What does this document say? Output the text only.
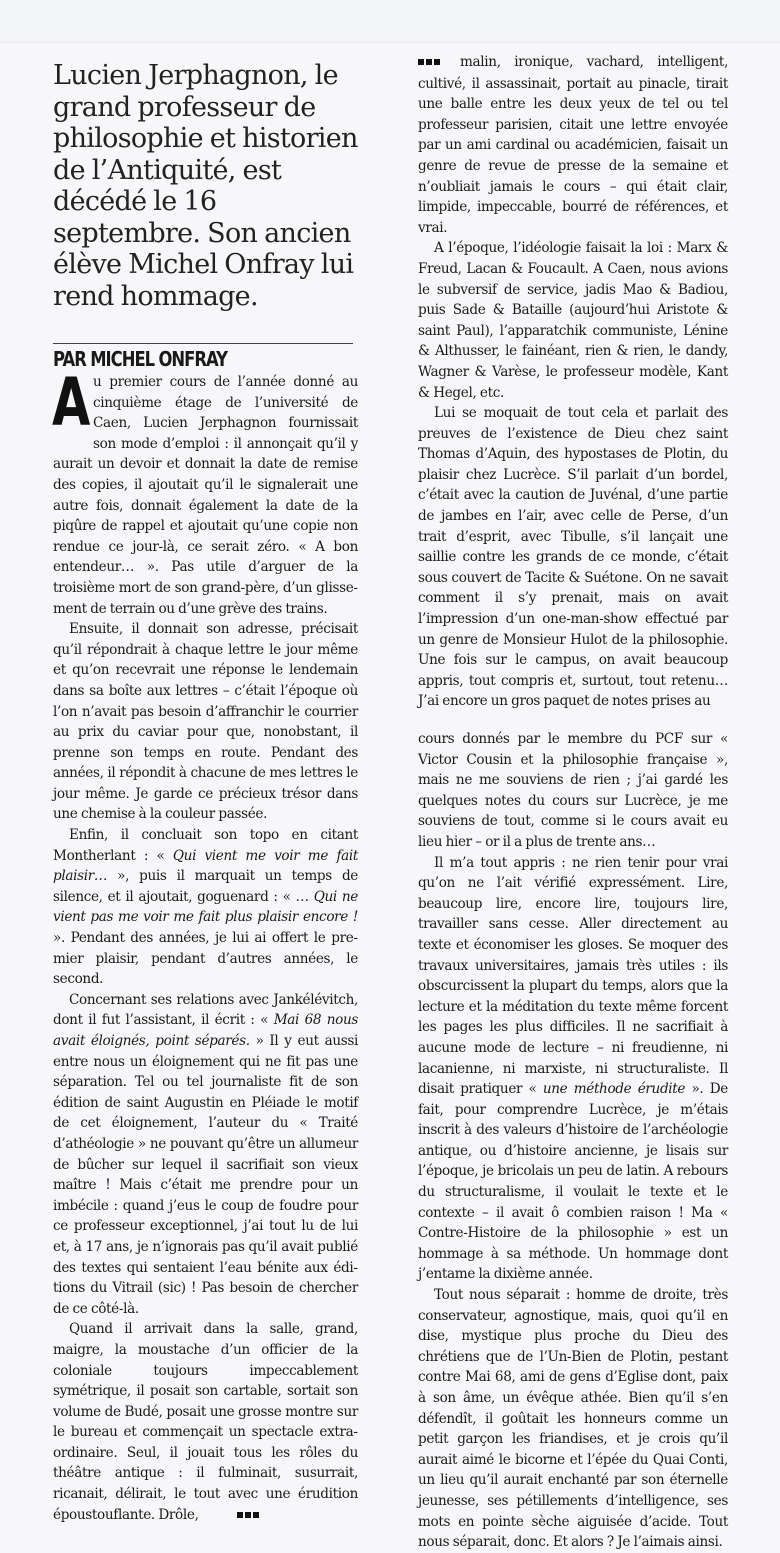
Lucien Jerphagnon, le grand professeur de philosophie et historien de l’Antiquité, est décédé le 16 septembre. Son ancien élève Michel Onfray lui rend hommage.
PAR MICHEL ONFRAY

Au premier cours de l’année donné au cinquième étage de l’université de Caen, Lucien Jerphagnon fournissait son mode d’emploi : il annonçait qu’il y aurait un devoir et donnait la date de remise des copies, il ajoutait qu’il le signalerait une autre fois, donnait également la date de la piqûre de rappel et ajoutait qu’une copie non rendue ce jour-là, ce serait zéro. « A bon entendeur… ». Pas utile d’arguer de la troisième mort de son grand-père, d’un glissement de terrain ou d’une grève des trains.

Ensuite, il donnait son adresse, précisait qu’il répondrait à chaque lettre le jour même et qu’on recevrait une réponse le lendemain dans sa boîte aux lettres – c’était l’époque où l’on n’avait pas besoin d’affranchir le courrier au prix du caviar pour que, nonobstant, il prenne son temps en route. Pendant des années, il répondit à chacune de mes lettres le jour même. Je garde ce précieux trésor dans une chemise à la couleur passée.

Enfin, il concluait son topo en citant Montherlant : « Qui vient me voir me fait plaisir… », puis il marquait un temps de silence, et il ajoutait, goguenard : « … Qui ne vient pas me voir me fait plus plaisir encore ! ». Pendant des années, je lui ai offert le premier plaisir, pendant d’autres années, le second.

Concernant ses relations avec Jankélévitch, dont il fut l’assistant, il écrit : « Mai 68 nous avait éloignés, point séparés. » Il y eut aussi entre nous un éloignement qui ne fit pas une séparation. Tel ou tel journaliste fit de son édition de saint Augustin en Pléiade le motif de cet éloignement, l’auteur du « Traité d’athéologie » ne pouvant qu’être un allumeur de bûcher sur lequel il sacrifiait son vieux maître ! Mais c’était me prendre pour un imbécile : quand j’eus le coup de foudre pour ce professeur exceptionnel, j’ai tout lu de lui et, à 17 ans, je n’ignorais pas qu’il avait publié des textes qui sentaient l’eau bénite aux éditions du Vitrail (sic) ! Pas besoin de chercher de ce côté-là.

Quand il arrivait dans la salle, grand, maigre, la moustache d’un officier de la coloniale toujours impeccablement symétrique, il posait son cartable, sortait son volume de Budé, posait une grosse montre sur le bureau et commençait un spectacle extraordinaire. Seul, il jouait tous les rôles du théâtre antique : il fulminait, susurrait, ricanait, délirait, le tout avec une érudition époustouflante. Drôle,

malin, ironique, vachard, intelligent, cultivé, il assassinait, portait au pinacle, tirait une balle entre les deux yeux de tel ou tel professeur parisien, citait une lettre envoyée par un ami cardinal ou académicien, faisait un genre de revue de presse de la semaine et n’oubliait jamais le cours – qui était clair, limpide, impeccable, bourré de références, et vrai.

A l’époque, l’idéologie faisait la loi : Marx & Freud, Lacan & Foucault. A Caen, nous avions le subversif de service, jadis Mao & Badiou, puis Sade & Bataille (aujourd’hui Aristote & saint Paul), l’apparatchik communiste, Lénine & Althusser, le fainéant, rien & rien, le dandy, Wagner & Varèse, le professeur modèle, Kant & Hegel, etc.

Lui se moquait de tout cela et parlait des preuves de l’existence de Dieu chez saint Thomas d’Aquin, des hypostases de Plotin, du plaisir chez Lucrèce. S’il parlait d’un bordel, c’était avec la caution de Juvénal, d’une partie de jambes en l’air, avec celle de Perse, d’un trait d’esprit, avec Tibulle, s’il lançait une saillie contre les grands de ce monde, c’était sous couvert de Tacite & Suétone. On ne savait comment il s’y prenait, mais on avait l’impression d’un one-man-show effectué par un genre de Monsieur Hulot de la philosophie. Une fois sur le campus, on avait beaucoup appris, tout compris et, surtout, tout retenu… J’ai encore un gros paquet de notes prises au

cours donnés par le membre du PCF sur « Victor Cousin et la philosophie française », mais ne me souviens de rien ; j’ai gardé les quelques notes du cours sur Lucrèce, je me souviens de tout, comme si le cours avait eu lieu hier – or il a plus de trente ans…

Il m’a tout appris : ne rien tenir pour vrai qu’on ne l’ait vérifié expressément. Lire, beaucoup lire, encore lire, toujours lire, travailler sans cesse. Aller directement au texte et économiser les gloses. Se moquer des travaux universitaires, jamais très utiles : ils obscurcissent la plupart du temps, alors que la lecture et la méditation du texte même forcent les pages les plus difficiles. Il ne sacrifiait à aucune mode de lecture – ni freudienne, ni lacanienne, ni marxiste, ni structuraliste. Il disait pratiquer « une méthode érudite ». De fait, pour comprendre Lucrèce, je m’étais inscrit à des valeurs d’histoire de l’archéologie antique, ou d’histoire ancienne, je lisais sur l’époque, je bricolais un peu de latin. A rebours du structuralisme, il voulait le texte et le contexte – il avait ô combien raison ! Ma « Contre-Histoire de la philosophie » est un hommage à sa méthode. Un hommage dont j’entame la dixième année.

Tout nous séparait : homme de droite, très conservateur, agnostique, mais, quoi qu’il en dise, mystique plus proche du Dieu des chrétiens que de l’Un-Bien de Plotin, pestant contre Mai 68, ami de gens d’Eglise dont, paix à son âme, un évêque athée. Bien qu’il s’en défendît, il goûtait les honneurs comme un petit garçon les friandises, et je crois qu’il aurait aimé le bicorne et l’épée du Quai Conti, un lieu qu’il aurait enchanté par son éternelle jeunesse, ses pétillements d’intelligence, ses mots en pointe sèche aiguisée d’acide. Tout nous séparait, donc. Et alors ? Je l’aimais ainsi.
